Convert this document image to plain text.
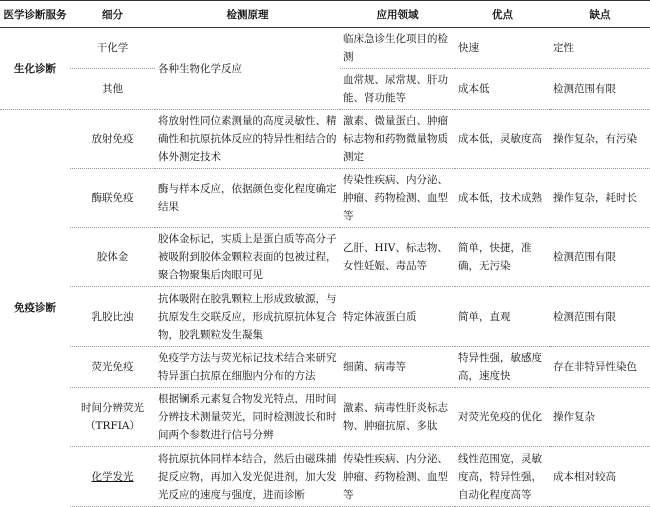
医学诊断服务	细分	检测原理	应用领域	优点	缺点
生化诊断	干化学	各种生物化学反应	临床急诊生化项目的检测	快速	定性
	其他		血常规、尿常规、肝功能、肾功能等	成本低	检测范围有限
免疫诊断	放射免疫	将放射性同位素测量的高度灵敏性、精确性和抗原抗体反应的特异性相结合的体外测定技术	激素、微量蛋白、肿瘤标志物和药物微量物质测定	成本低，灵敏度高	操作复杂，有污染
	酶联免疫	酶与样本反应，依据颜色变化程度确定结果	传染性疾病、内分泌、肿瘤、药物检测、血型等	成本低，技术成熟	操作复杂，耗时长
	胶体金	胶体金标记，实质上是蛋白质等高分子被吸附到胶体金颗粒表面的包被过程，聚合物聚集后肉眼可见	乙肝、HIV、标志物、女性妊娠、毒品等	简单，快捷，准确，无污染	检测范围有限
	乳胶比浊	抗体吸附在胶乳颗粒上形成致敏源，与抗原发生交联反应，形成抗原抗体复合物，胶乳颗粒发生凝集	特定体液蛋白质	简单，直观	检测范围有限
	荧光免疫	免疫学方法与荧光标记技术结合来研究特异蛋白抗原在细胞内分布的方法	细菌、病毒等	特异性强，敏感度高，速度快	存在非特异性染色
	时间分辨荧光（TRFIA）	根据镧系元素复合物发光特点，用时间分辨技术测量荧光，同时检测波长和时间两个参数进行信号分辨	激素、病毒性肝炎标志物、肿瘤抗原、多肽	对荧光免疫的优化	操作复杂
	化学发光	将抗原抗体同样本结合，然后由磁珠捕捉反应物，再加入发光促进剂，加大发光反应的速度与强度，进而诊断	传染性疾病、内分泌、肿瘤、药物检测、血型等	线性范围宽，灵敏度高，特异性强，自动化程度高等	成本相对较高
